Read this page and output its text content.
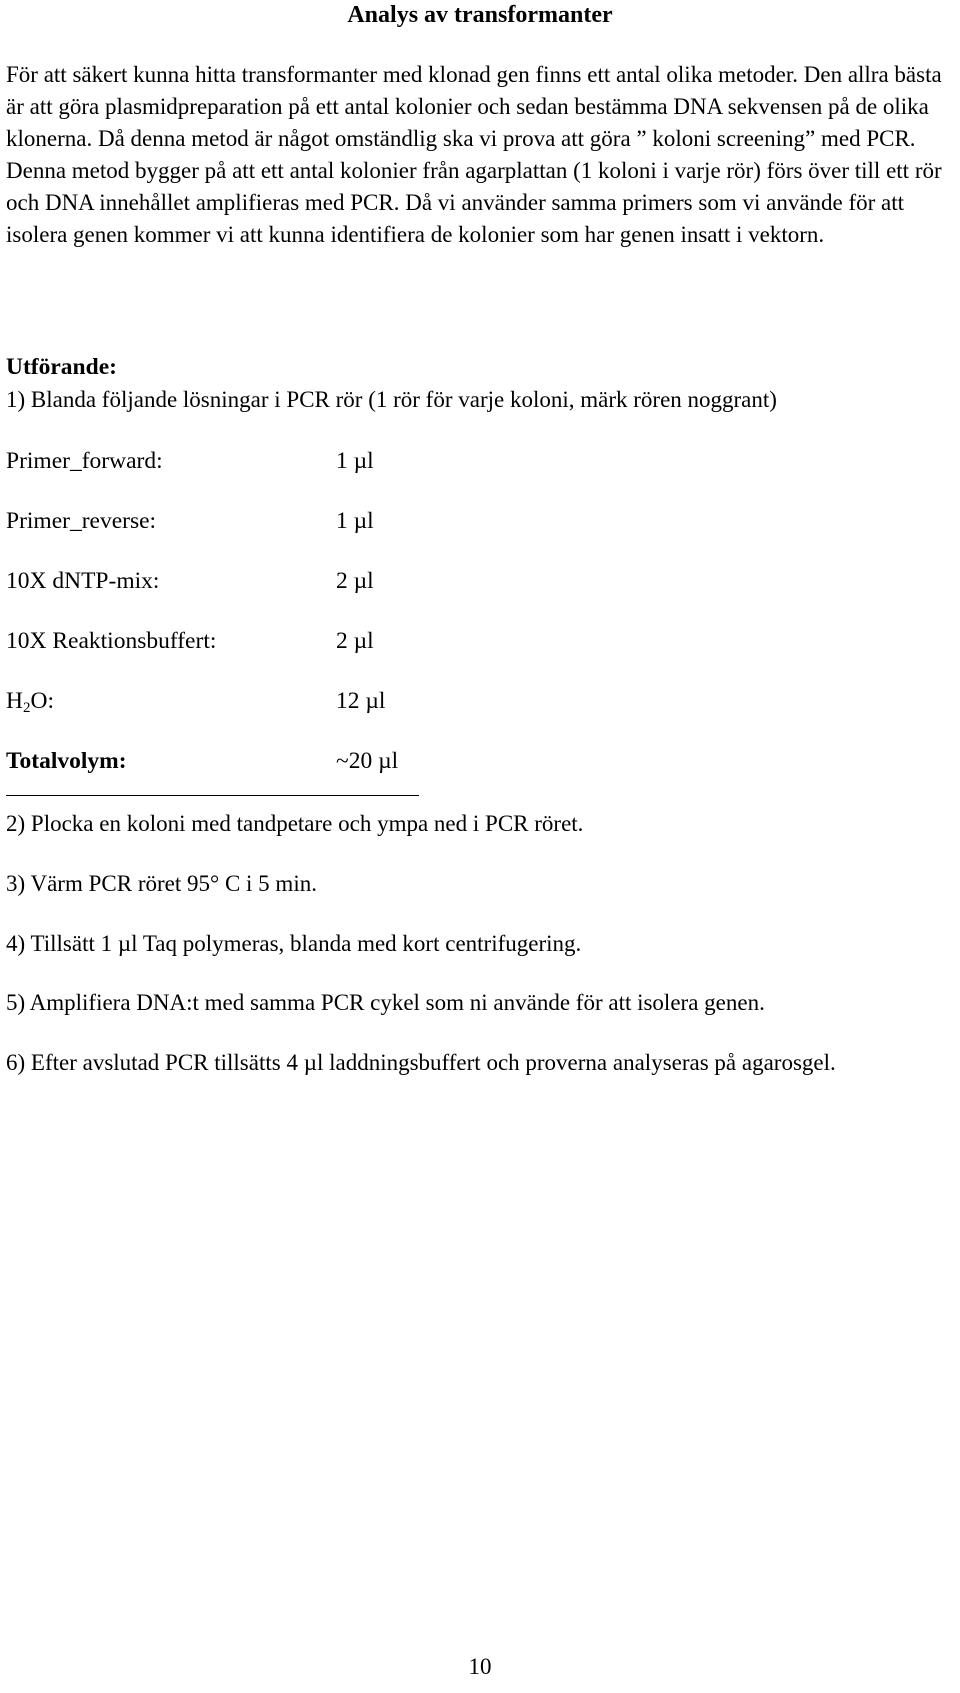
Analys av transformanter

För att säkert kunna hitta transformanter med klonad gen finns ett antal olika metoder. Den allra bästa är att göra plasmidpreparation på ett antal kolonier och sedan bestämma DNA sekvensen på de olika klonerna. Då denna metod är något omständlig ska vi prova att göra ” koloni screening” med PCR. Denna metod bygger på att ett antal kolonier från agarplattan (1 koloni i varje rör) förs över till ett rör och DNA innehållet amplifieras med PCR. Då vi använder samma primers som vi använde för att isolera genen kommer vi att kunna identifiera de kolonier som har genen insatt i vektorn.

Utförande:

1) Blanda följande lösningar i PCR rör (1 rör för varje koloni, märk rören noggrant)

Primer_forward:	1 µl
Primer_reverse:	1 µl
10X dNTP-mix:	2 µl
10X Reaktionsbuffert:	2 µl
$H_2O$:	12 µl
Totalvolym:	~20 µl

2) Plocka en koloni med tandpetare och ympa ned i PCR röret.

3) Värm PCR röret 95° C i 5 min.

4) Tillsätt 1 µl Taq polymeras, blanda med kort centrifugering.

5) Amplifiera DNA:t med samma PCR cykel som ni använde för att isolera genen.

6) Efter avslutad PCR tillsätts 4 µl laddningsbuffert och proverna analyseras på agarosgel.

10
